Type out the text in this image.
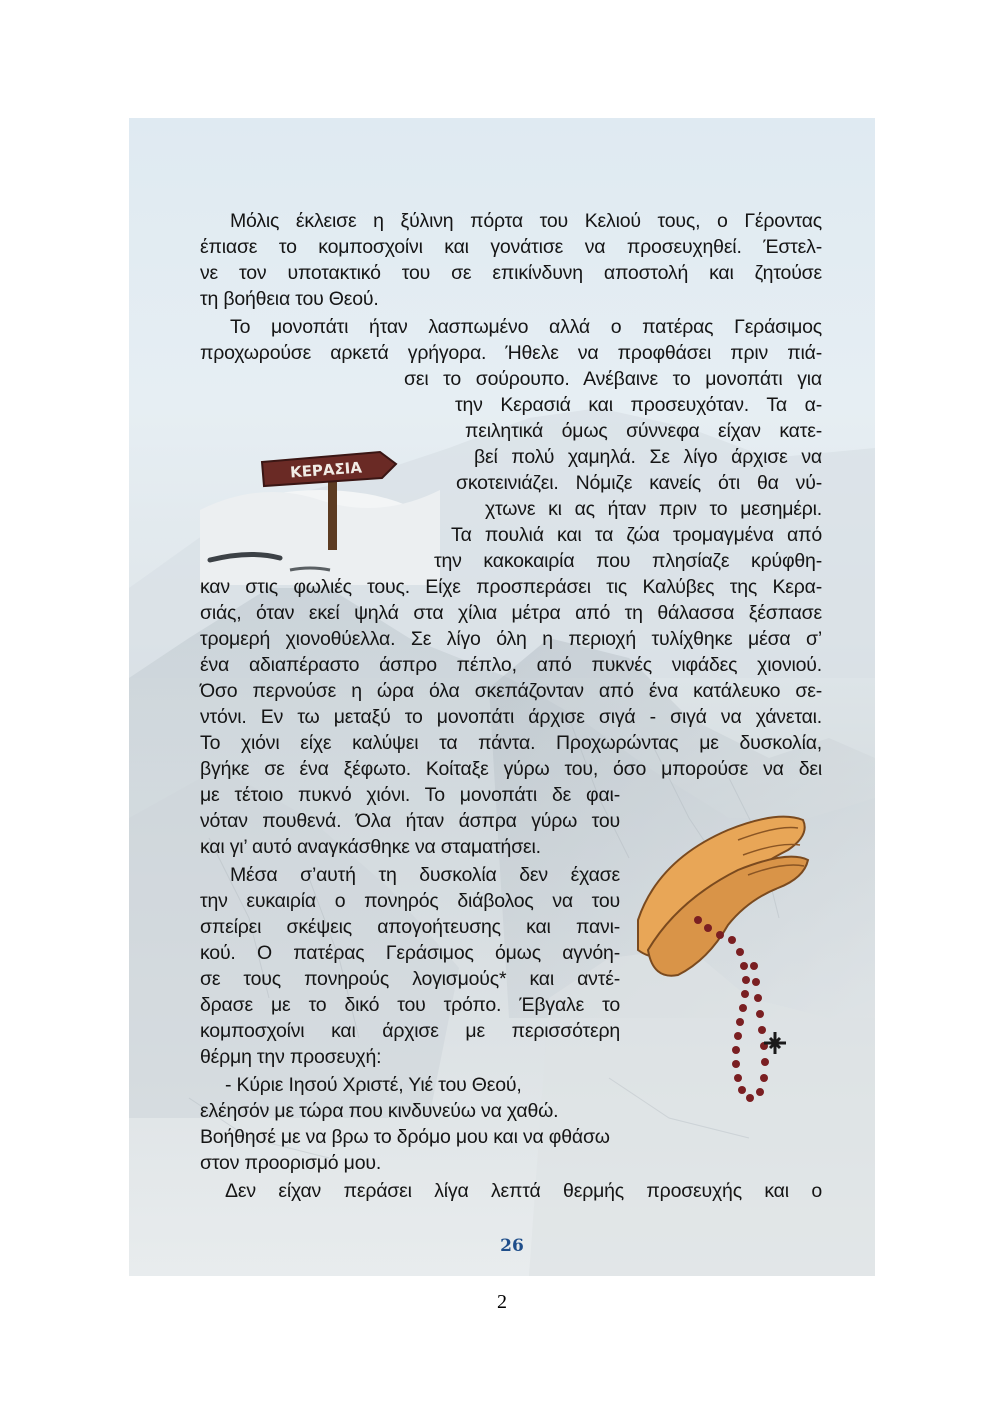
ΚΕΡΑΣΙΑ

Μόλις έκλεισε η ξύλινη πόρτα του Κελιού τους, ο Γέροντας

έπιασε το κομποσχοίνι και γονάτισε να προσευχηθεί. Έστελ-

νε τον υποτακτικό του σε επικίνδυνη αποστολή και ζητούσε

τη βοήθεια του Θεού.

Το μονοπάτι ήταν λασπωμένο αλλά ο πατέρας Γεράσιμος

προχωρούσε αρκετά γρήγορα. Ήθελε να προφθάσει πριν πιά-

σει το σούρουπο. Ανέβαινε το μονοπάτι για

την Κερασιά και προσευχόταν. Τα α-

πειλητικά όμως σύννεφα είχαν κατε-

βεί πολύ χαμηλά. Σε λίγο άρχισε να

σκοτεινιάζει. Νόμιζε κανείς ότι θα νύ-

χτωνε κι ας ήταν πριν το μεσημέρι.

Τα πουλιά και τα ζώα τρομαγμένα από

την κακοκαιρία που πλησίαζε κρύφθη-

καν στις φωλιές τους. Είχε προσπεράσει τις Καλύβες της Κερα-

σιάς, όταν εκεί ψηλά στα χίλια μέτρα από τη θάλασσα ξέσπασε

τρομερή χιονοθύελλα. Σε λίγο όλη η περιοχή τυλίχθηκε μέσα σ’

ένα αδιαπέραστο άσπρο πέπλο, από πυκνές νιφάδες χιονιού.

Όσο περνούσε η ώρα όλα σκεπάζονταν από ένα κατάλευκο σε-

ντόνι. Εν τω μεταξύ το μονοπάτι άρχισε σιγά - σιγά να χάνεται.

Το χιόνι είχε καλύψει τα πάντα. Προχωρώντας με δυσκολία,

βγήκε σε ένα ξέφωτο. Κοίταξε γύρω του, όσο μπορούσε να δει

με τέτοιο πυκνό χιόνι. Το μονοπάτι δε φαι-

νόταν πουθενά. Όλα ήταν άσπρα γύρω του

και γι’ αυτό αναγκάσθηκε να σταματήσει.

Μέσα σ’αυτή τη δυσκολία δεν έχασε

την ευκαιρία ο πονηρός διάβολος να του

σπείρει σκέψεις απογοήτευσης και πανι-

κού. Ο πατέρας Γεράσιμος όμως αγνόη-

σε τους πονηρούς λογισμούς* και αντέ-

δρασε με το δικό του τρόπο. Έβγαλε το

κομποσχοίνι και άρχισε με περισσότερη

θέρμη την προσευχή:

- Κύριε Ιησού Χριστέ, Υιέ του Θεού,

ελέησόν με τώρα που κινδυνεύω να χαθώ.

Βοήθησέ με να βρω το δρόμο μου και να φθάσω

στον προορισμό μου.

Δεν είχαν περάσει λίγα λεπτά θερμής προσευχής και ο

26
2
